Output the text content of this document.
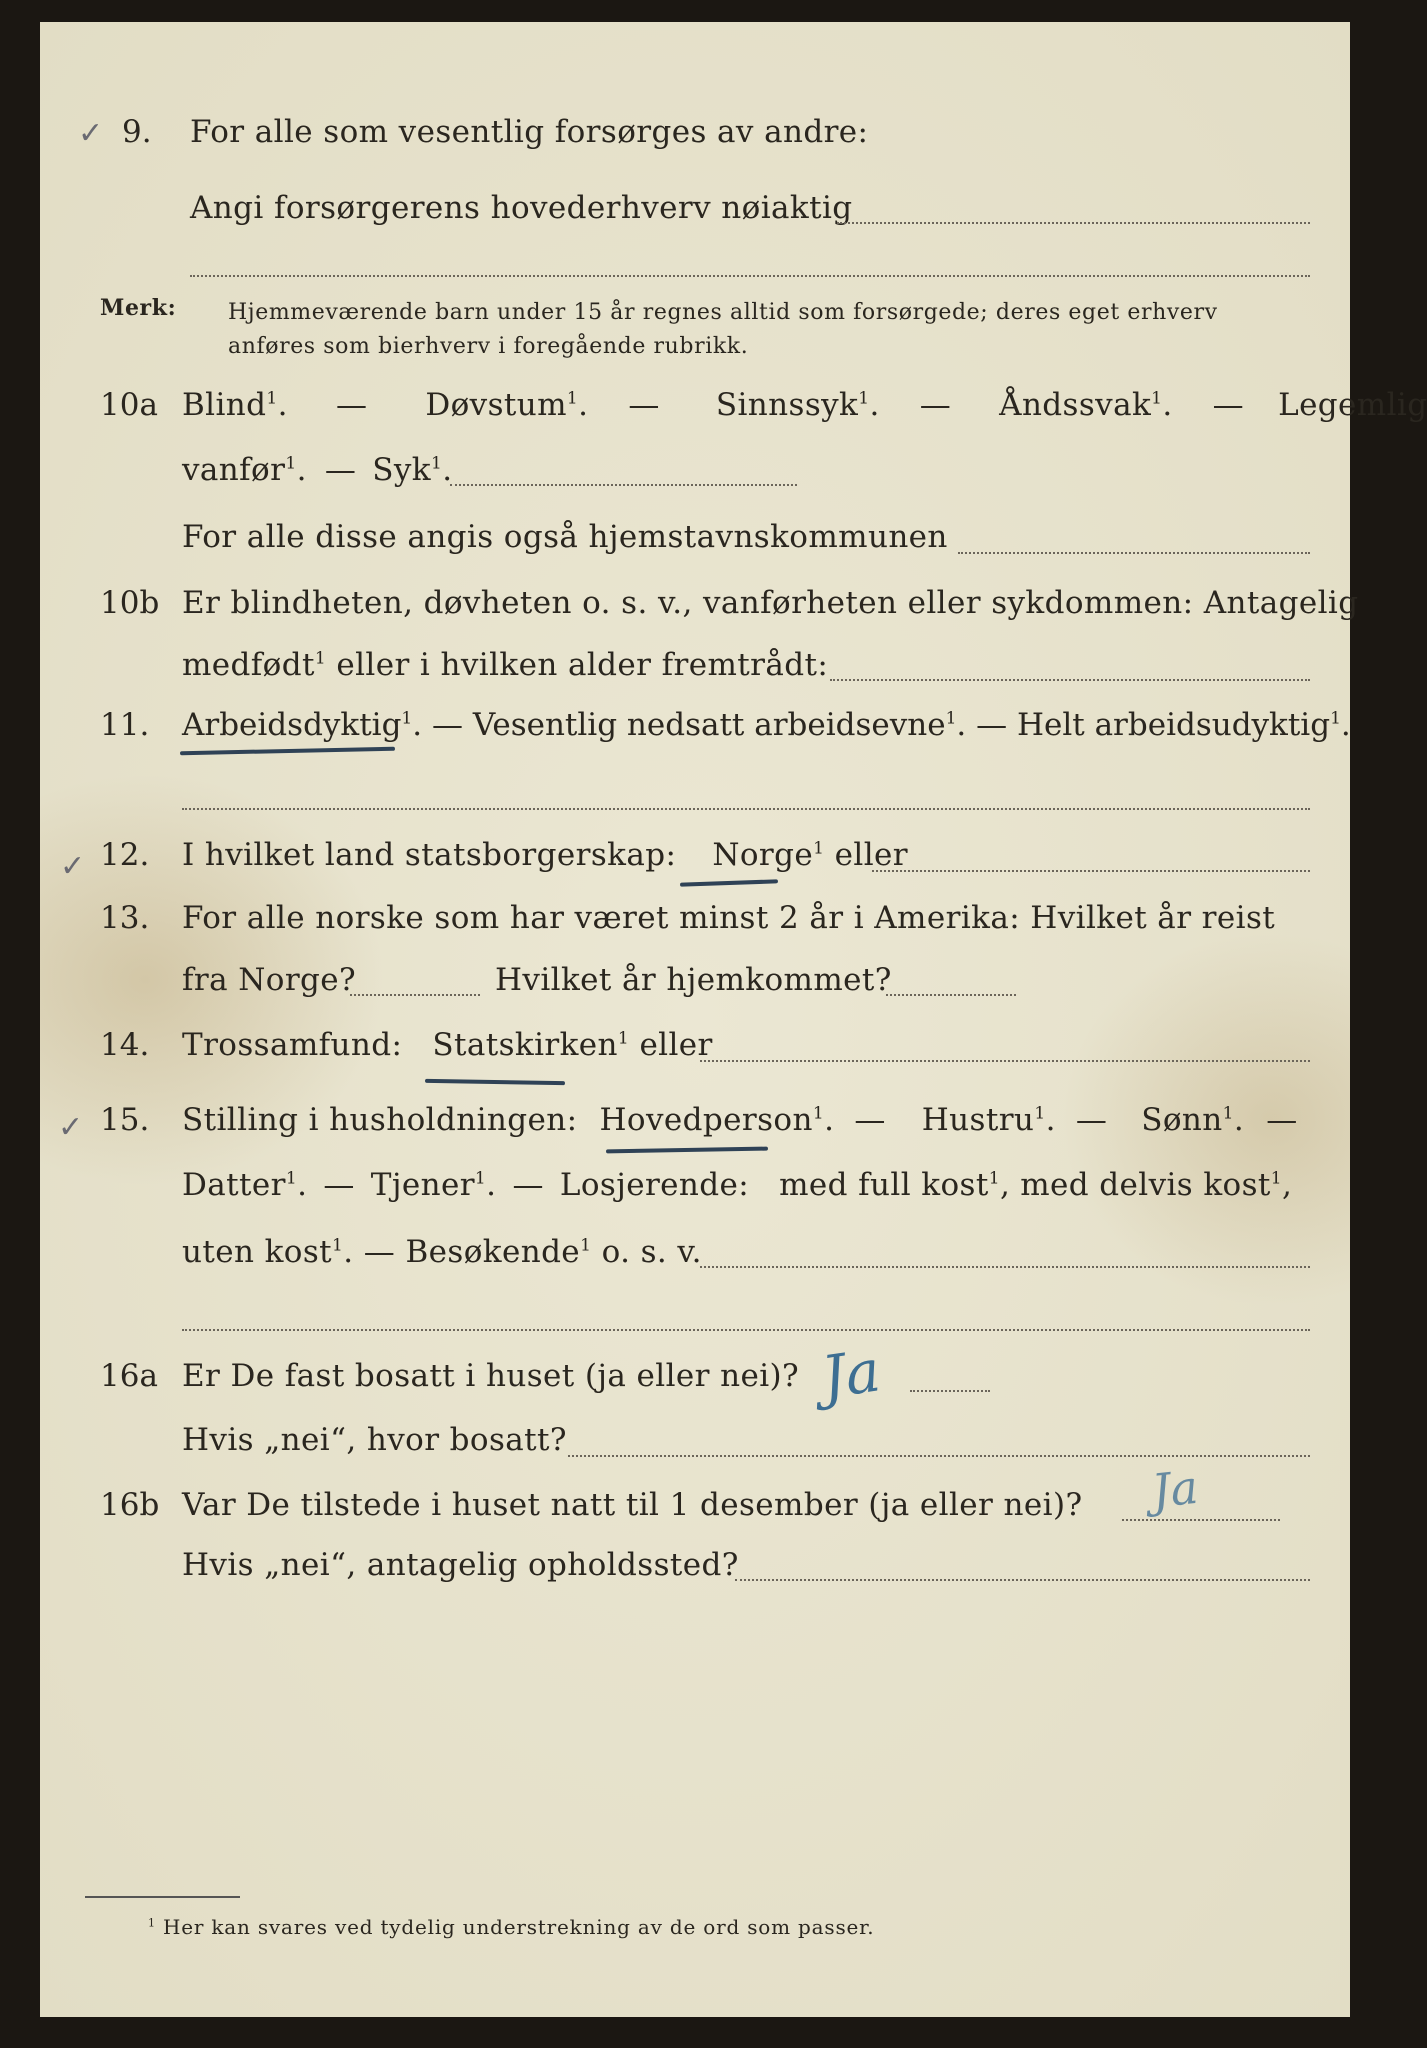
✓
✓
✓
9. For alle som vesentlig forsørges av andre:
Angi forsørgerens hovederhverv nøiaktig
Merk: Hjemmeværende barn under 15 år regnes alltid som forsørgede; deres eget erhverv
anføres som bierhverv i foregående rubrikk.
10a Blind$^1$. — Døvstum$^1$. — Sinnssyk$^1$. — Åndssvak$^1$. — Legemlig
vanfør$^1$. — Syk$^1$.
For alle disse angis også hjemstavnskommunen
10b Er blindheten, døvheten o. s. v., vanførheten eller sykdommen: Antagelig
medfødt$^1$ eller i hvilken alder fremtrådt:
11. Arbeidsdyktig$^1$. — Vesentlig nedsatt arbeidsevne$^1$. — Helt arbeidsudyktig$^1$.
12. I hvilket land statsborgerskap: Norge$^1$ eller
13. For alle norske som har været minst 2 år i Amerika: Hvilket år reist
fra Norge?	Hvilket år hjemkommet?
14. Trossamfund: Statskirken$^1$ eller
15. Stilling i husholdningen: Hovedperson$^1$. — Hustru$^1$. — Sønn$^1$. —
Datter$^1$. — Tjener$^1$. — Losjerende: med full kost$^1$, med delvis kost$^1$,
uten kost$^1$. — Besøkende$^1$ o. s. v.
16a Er De fast bosatt i huset (ja eller nei)? Ja
Hvis „nei“, hvor bosatt?
16b Var De tilstede i huset natt til 1 desember (ja eller nei)? Ja
Hvis „nei“, antagelig opholdssted?
$^1$ Her kan svares ved tydelig understrekning av de ord som passer.
